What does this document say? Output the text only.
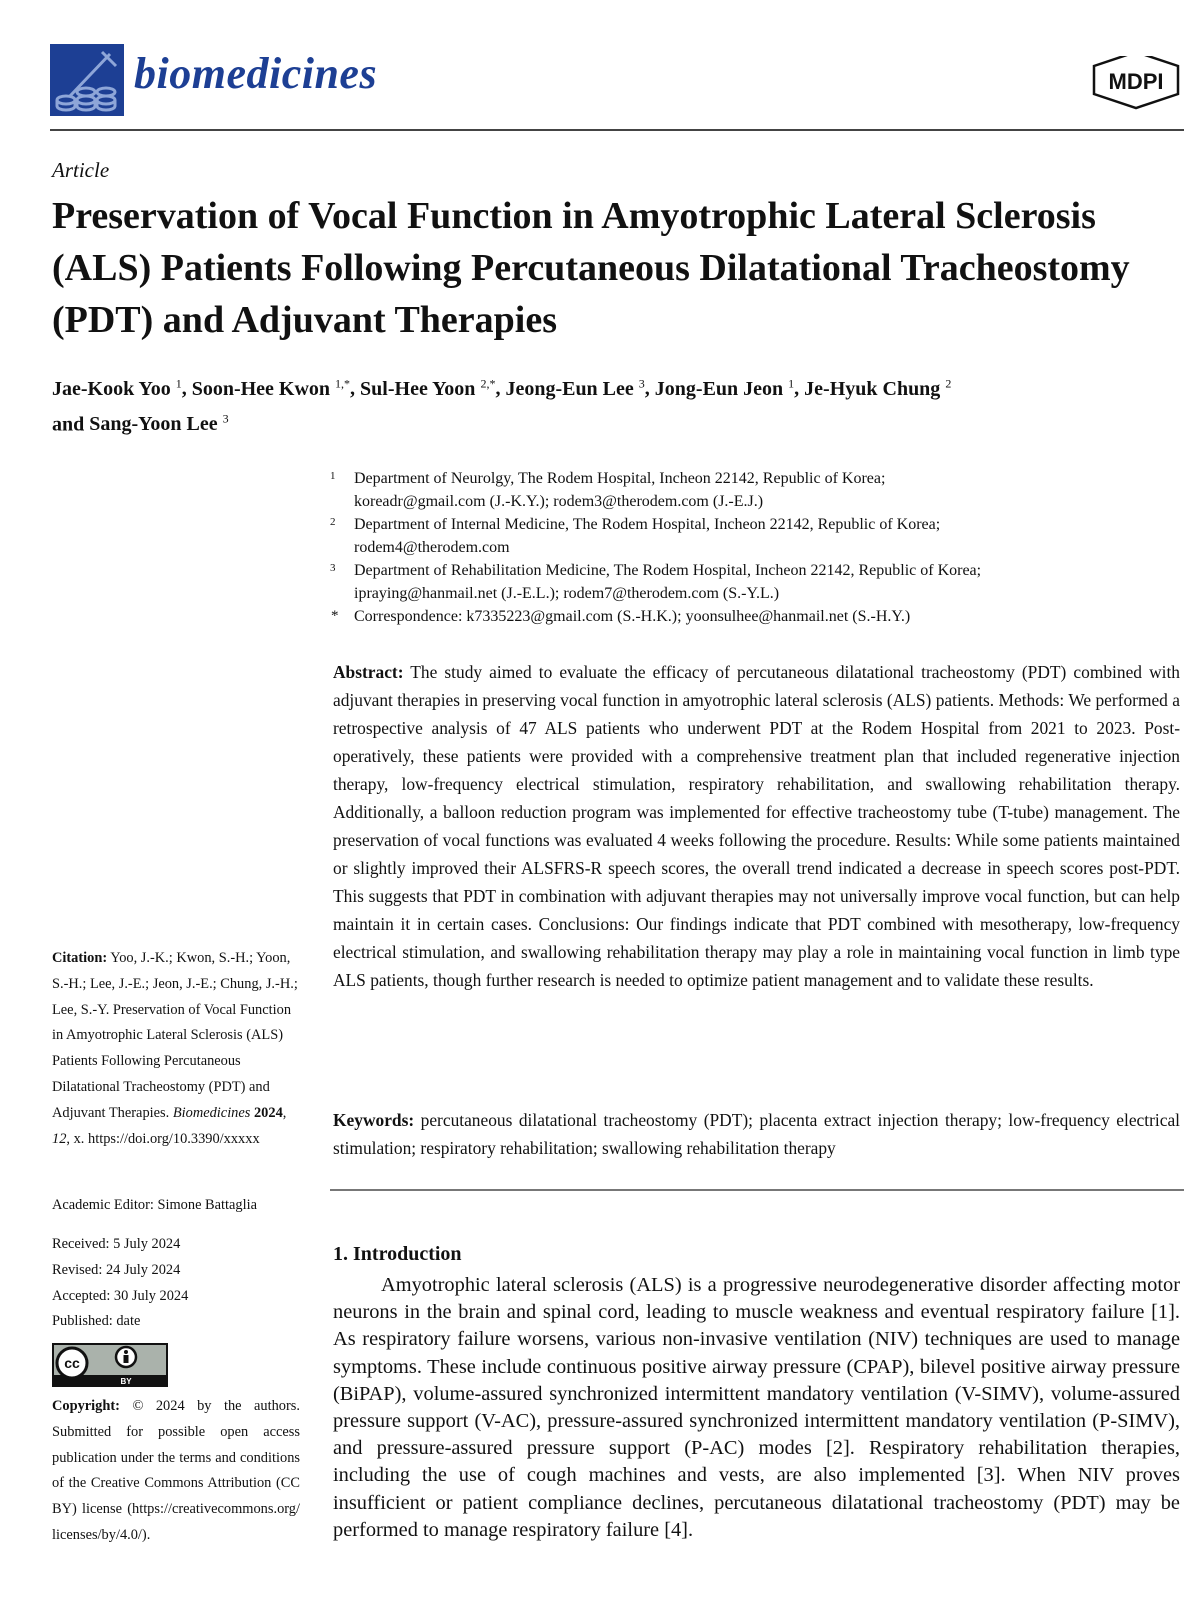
biomedicines	MDPI
Article
Preservation of Vocal Function in Amyotrophic Lateral Sclerosis (ALS) Patients Following Percutaneous Dilatational Tracheostomy (PDT) and Adjuvant Therapies
Jae-Kook Yoo $^1$, Soon-Hee Kwon $^{1,*}$, Sul-Hee Yoon $^{2,*}$, Jeong-Eun Lee $^3$, Jong-Eun Jeon $^1$, Je-Hyuk Chung $^2$
and Sang-Yoon Lee $^3$
1 Department of Neurolgy, The Rodem Hospital, Incheon 22142, Republic of Korea;
koreadr@gmail.com (J.-K.Y.); rodem3@therodem.com (J.-E.J.)
2 Department of Internal Medicine, The Rodem Hospital, Incheon 22142, Republic of Korea;
rodem4@therodem.com
3 Department of Rehabilitation Medicine, The Rodem Hospital, Incheon 22142, Republic of Korea;
ipraying@hanmail.net (J.-E.L.); rodem7@therodem.com (S.-Y.L.)
* Correspondence: k7335223@gmail.com (S.-H.K.); yoonsulhee@hanmail.net (S.-H.Y.)
Abstract: The study aimed to evaluate the efficacy of percutaneous dilatational tracheostomy (PDT) combined with adjuvant therapies in preserving vocal function in amyotrophic lateral sclerosis (ALS) patients. Methods: We performed a retrospective analysis of 47 ALS patients who underwent PDT at the Rodem Hospital from 2021 to 2023. Post-operatively, these patients were provided with a comprehensive treatment plan that included regenerative injection therapy, low-frequency electrical stimulation, respiratory rehabilitation, and swallowing rehabilitation therapy. Additionally, a balloon reduction program was implemented for effective tracheostomy tube (T-tube) management. The preservation of vocal functions was evaluated 4 weeks following the procedure. Results: While some patients maintained or slightly improved their ALSFRS-R speech scores, the overall trend indicated a decrease in speech scores post-PDT. This suggests that PDT in combination with adjuvant therapies may not universally improve vocal function, but can help maintain it in certain cases. Conclusions: Our findings indicate that PDT combined with mesotherapy, low-frequency electrical stimulation, and swallowing rehabilitation therapy may play a role in maintaining vocal function in limb type ALS patients, though further research is needed to optimize patient management and to validate these results.
Keywords: percutaneous dilatational tracheostomy (PDT); placenta extract injection therapy; low-frequency electrical stimulation; respiratory rehabilitation; swallowing rehabilitation therapy
1. Introduction
Amyotrophic lateral sclerosis (ALS) is a progressive neurodegenerative disorder affecting motor neurons in the brain and spinal cord, leading to muscle weakness and eventual respiratory failure [1]. As respiratory failure worsens, various non-invasive ventilation (NIV) techniques are used to manage symptoms. These include continuous positive airway pressure (CPAP), bilevel positive airway pressure (BiPAP), volume-assured synchronized intermittent mandatory ventilation (V-SIMV), volume-assured pressure support (V-AC), pressure-assured synchronized intermittent mandatory ventilation (P-SIMV), and pressure-assured pressure support (P-AC) modes [2]. Respiratory rehabilitation therapies, including the use of cough machines and vests, are also implemented [3]. When NIV proves insufficient or patient compliance declines, percutaneous dilatational tracheostomy (PDT) may be performed to manage respiratory failure [4].
Citation: Yoo, J.-K.; Kwon, S.-H.; Yoon, S.-H.; Lee, J.-E.; Jeon, J.-E.; Chung, J.-H.; Lee, S.-Y. Preservation of Vocal Function in Amyotrophic Lateral Sclerosis (ALS) Patients Following Percutaneous Dilatational Tracheostomy (PDT) and Adjuvant Therapies. Biomedicines 2024, 12, x. https://doi.org/10.3390/xxxxx
Academic Editor: Simone Battaglia
Received: 5 July 2024
Revised: 24 July 2024
Accepted: 30 July 2024
Published: date
cc
BY
Copyright: © 2024 by the authors. Submitted for possible open access publication under the terms and conditions of the Creative Commons Attribution (CC BY) license (https://creativecommons.org/licenses/by/4.0/).
